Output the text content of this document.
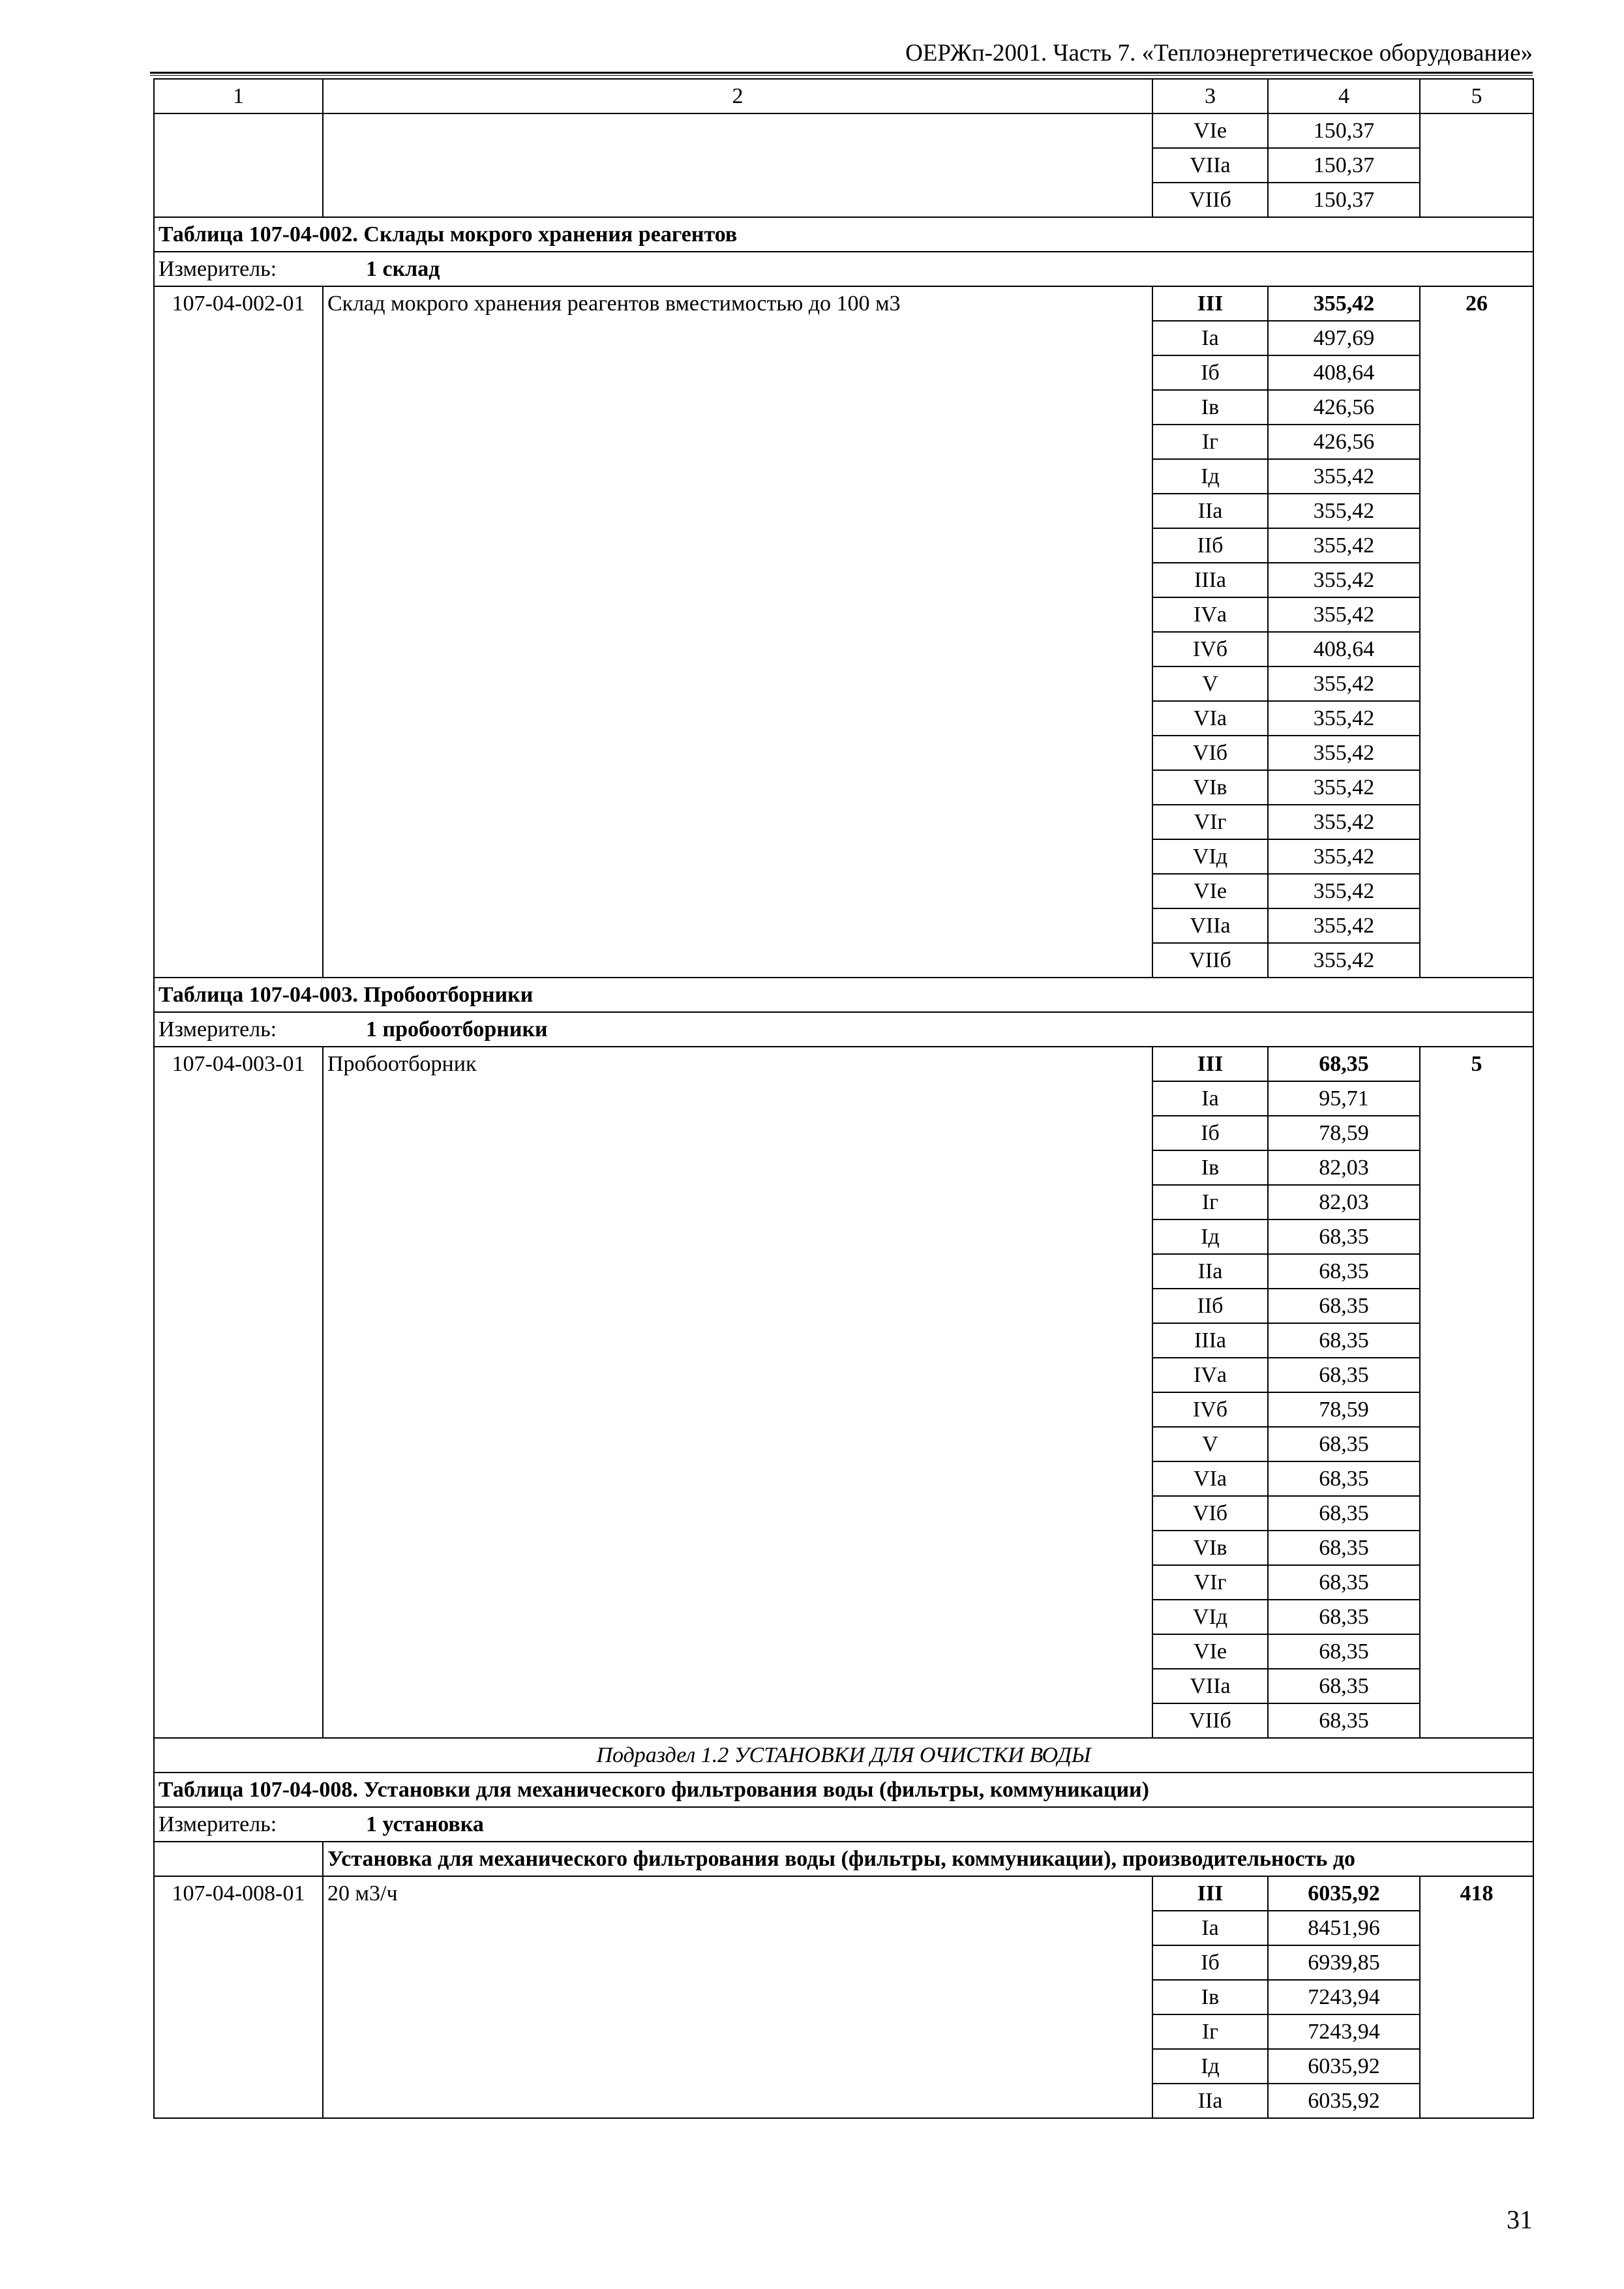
ОЕРЖп-2001. Часть 7. «Теплоэнергетическое оборудование»
1	2	3	4	5
		VIе	150,37	
		VIIа	150,37	
		VIIб	150,37	
Таблица 107-04-002. Склады мокрого хранения реагентов				
Измеритель: 1 склад				
107-04-002-01	Склад мокрого хранения реагентов вместимостью до 100 м3	III	355,42	26
		Iа	497,69	
		Iб	408,64	
		Iв	426,56	
		Iг	426,56	
		Iд	355,42	
		IIа	355,42	
		IIб	355,42	
		IIIа	355,42	
		IVа	355,42	
		IVб	408,64	
		V	355,42	
		VIа	355,42	
		VIб	355,42	
		VIв	355,42	
		VIг	355,42	
		VIд	355,42	
		VIе	355,42	
		VIIа	355,42	
		VIIб	355,42	
Таблица 107-04-003. Пробоотборники				
Измеритель: 1 пробоотборники				
107-04-003-01	Пробоотборник	III	68,35	5
		Iа	95,71	
		Iб	78,59	
		Iв	82,03	
		Iг	82,03	
		Iд	68,35	
		IIа	68,35	
		IIб	68,35	
		IIIа	68,35	
		IVа	68,35	
		IVб	78,59	
		V	68,35	
		VIа	68,35	
		VIб	68,35	
		VIв	68,35	
		VIг	68,35	
		VIд	68,35	
		VIе	68,35	
		VIIа	68,35	
		VIIб	68,35	
Подраздел 1.2 УСТАНОВКИ ДЛЯ ОЧИСТКИ ВОДЫ				
Таблица 107-04-008. Установки для механического фильтрования воды (фильтры, коммуникации)				
Измеритель: 1 установка				
	Установка для механического фильтрования воды (фильтры, коммуникации), производительность до			
107-04-008-01	20 м3/ч	III	6035,92	418
		Iа	8451,96	
		Iб	6939,85	
		Iв	7243,94	
		Iг	7243,94	
		Iд	6035,92	
		IIа	6035,92	
31
